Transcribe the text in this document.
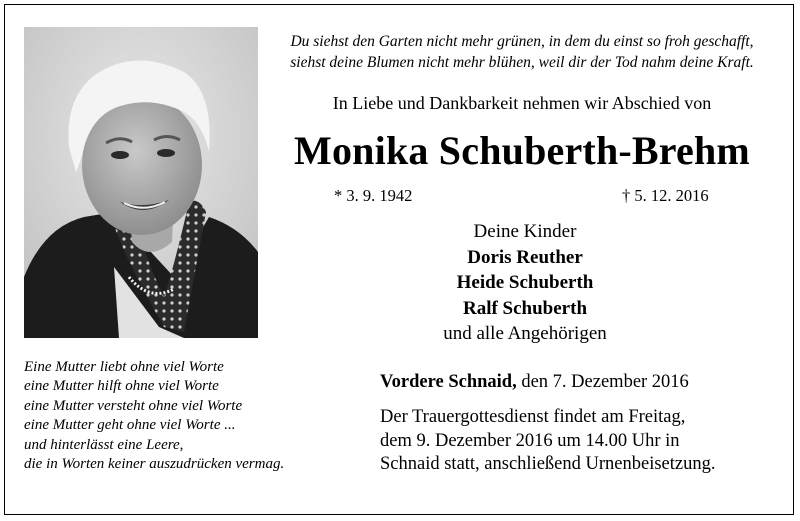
Du siehst den Garten nicht mehr grünen, in dem du einst so froh geschafft,
siehst deine Blumen nicht mehr blühen, weil dir der Tod nahm deine Kraft.
In Liebe und Dankbarkeit nehmen wir Abschied von
Monika Schuberth-Brehm
* 3. 9. 1942	† 5. 12. 2016
Deine Kinder
Doris Reuther
Heide Schuberth
Ralf Schuberth
und alle Angehörigen
Eine Mutter liebt ohne viel Worte
eine Mutter hilft ohne viel Worte
eine Mutter versteht ohne viel Worte
eine Mutter geht ohne viel Worte ...
und hinterlässt eine Leere,
die in Worten keiner auszudrücken vermag.
Vordere Schnaid, den 7. Dezember 2016
Der Trauergottesdienst findet am Freitag,
dem 9. Dezember 2016 um 14.00 Uhr in
Schnaid statt, anschließend Urnenbeisetzung.
